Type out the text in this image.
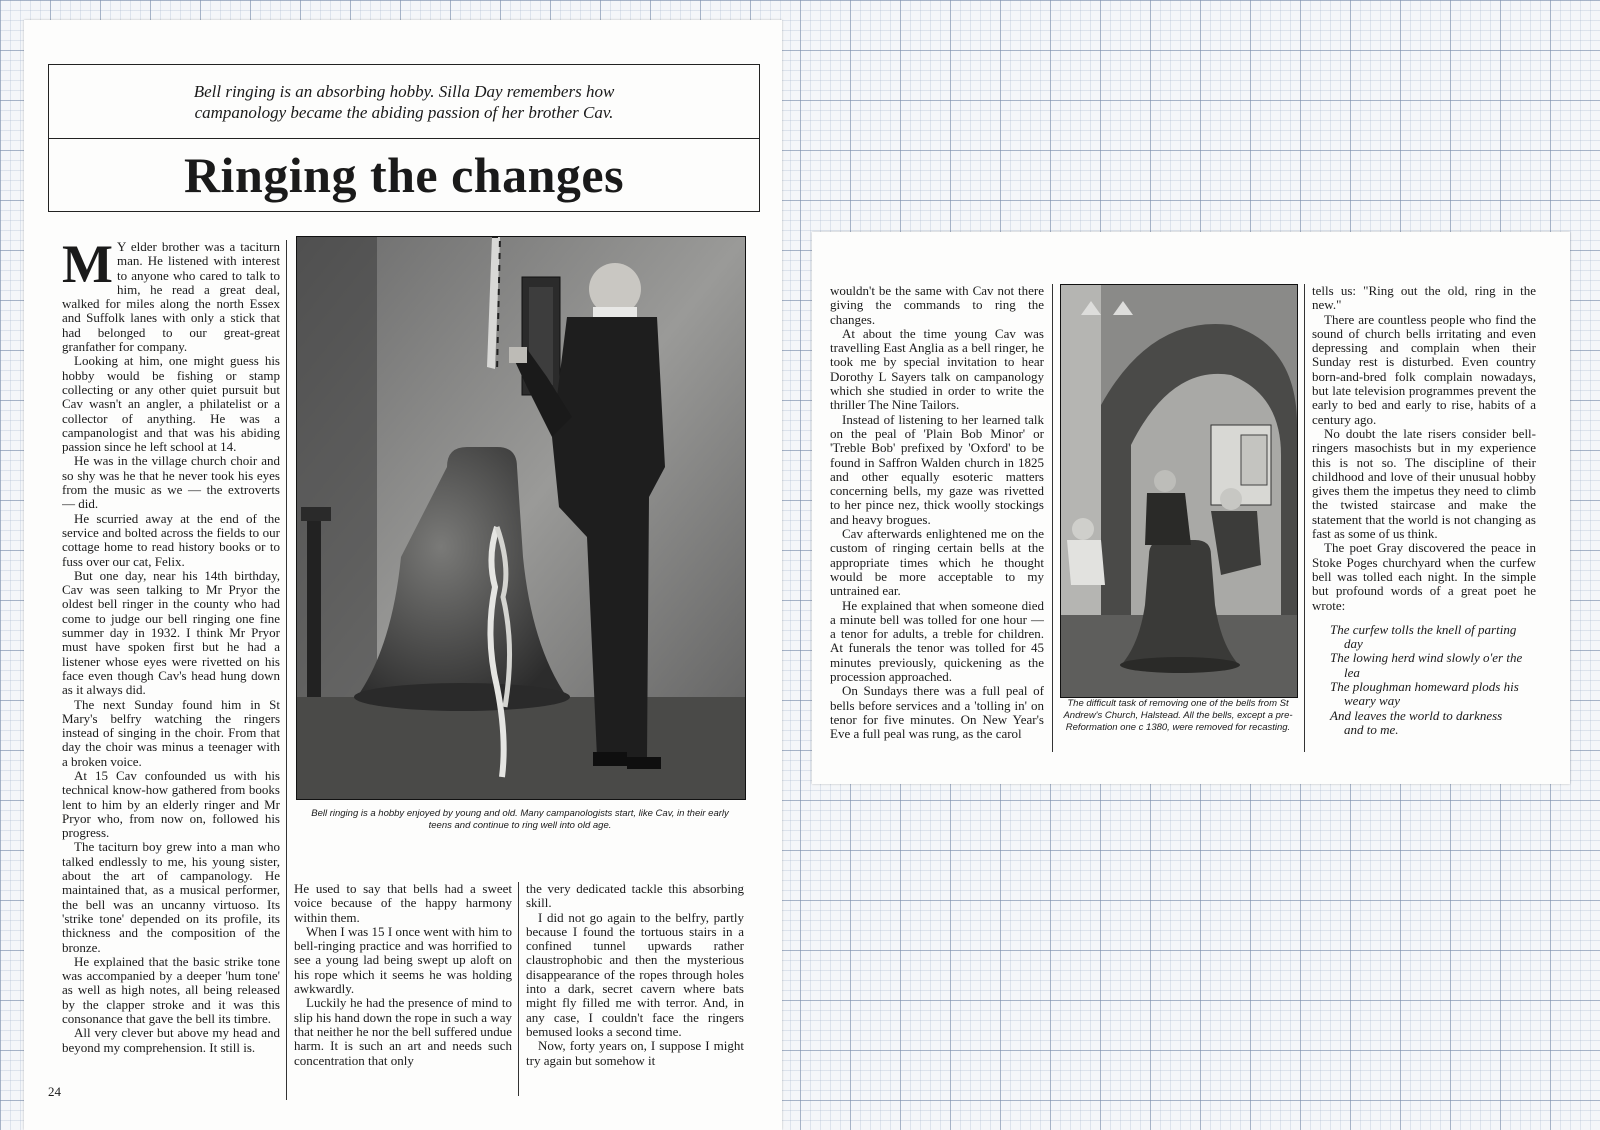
Bell ringing is an absorbing hobby. Silla Day remembers how campanology became the abiding passion of her brother Cav.
Ringing the changes

M Y elder brother was a taciturn man. He listened with interest to anyone who cared to talk to him, he read a great deal, walked for miles along the north Essex and Suffolk lanes with only a stick that had belonged to our great-great granfather for company.

Looking at him, one might guess his hobby would be fishing or stamp collecting or any other quiet pursuit but Cav wasn't an angler, a philatelist or a collector of anything. He was a campanologist and that was his abiding passion since he left school at 14.

He was in the village church choir and so shy was he that he never took his eyes from the music as we — the extroverts — did.

He scurried away at the end of the service and bolted across the fields to our cottage home to read history books or to fuss over our cat, Felix.

But one day, near his 14th birthday, Cav was seen talking to Mr Pryor the oldest bell ringer in the county who had come to judge our bell ringing one fine summer day in 1932. I think Mr Pryor must have spoken first but he had a listener whose eyes were rivetted on his face even though Cav's head hung down as it always did.

The next Sunday found him in St Mary's belfry watching the ringers instead of singing in the choir. From that day the choir was minus a teenager with a broken voice.

At 15 Cav confounded us with his technical know-how gathered from books lent to him by an elderly ringer and Mr Pryor who, from now on, followed his progress.

The taciturn boy grew into a man who talked endlessly to me, his young sister, about the art of campanology. He maintained that, as a musical performer, the bell was an uncanny virtuoso. Its 'strike tone' depended on its profile, its thickness and the composition of the bronze.

He explained that the basic strike tone was accompanied by a deeper 'hum tone' as well as high notes, all being released by the clapper stroke and it was this consonance that gave the bell its timbre.

All very clever but above my head and beyond my comprehension. It still is.

Bell ringing is a hobby enjoyed by young and old. Many campanologists start, like Cav, in their early teens and continue to ring well into old age.

He used to say that bells had a sweet voice because of the happy harmony within them.

When I was 15 I once went with him to bell-ringing practice and was horrified to see a young lad being swept up aloft on his rope which it seems he was holding awkwardly.

Luckily he had the presence of mind to slip his hand down the rope in such a way that neither he nor the bell suffered undue harm. It is such an art and needs such concentration that only

the very dedicated tackle this absorbing skill.

I did not go again to the belfry, partly because I found the tortuous stairs in a confined tunnel upwards rather claustrophobic and then the mysterious disappearance of the ropes through holes into a dark, secret cavern where bats might fly filled me with terror. And, in any case, I couldn't face the ringers bemused looks a second time.

Now, forty years on, I suppose I might try again but somehow it

24

wouldn't be the same with Cav not there giving the commands to ring the changes.

At about the time young Cav was travelling East Anglia as a bell ringer, he took me by special invitation to hear Dorothy L Sayers talk on campanology which she studied in order to write the thriller The Nine Tailors.

Instead of listening to her learned talk on the peal of 'Plain Bob Minor' or 'Treble Bob' prefixed by 'Oxford' to be found in Saffron Walden church in 1825 and other equally esoteric matters concerning bells, my gaze was rivetted to her pince nez, thick woolly stockings and heavy brogues.

Cav afterwards enlightened me on the custom of ringing certain bells at the appropriate times which he thought would be more acceptable to my untrained ear.

He explained that when someone died a minute bell was tolled for one hour — a tenor for adults, a treble for children. At funerals the tenor was tolled for 45 minutes previously, quickening as the procession approached.

On Sundays there was a full peal of bells before services and a 'tolling in' on tenor for five minutes. On New Year's Eve a full peal was rung, as the carol

The difficult task of removing one of the bells from St Andrew's Church, Halstead. All the bells, except a pre-Reformation one c 1380, were removed for recasting.

tells us: "Ring out the old, ring in the new."

There are countless people who find the sound of church bells irritating and even depressing and complain when their Sunday rest is disturbed. Even country born-and-bred folk complain nowadays, but late television programmes prevent the early to bed and early to rise, habits of a century ago.

No doubt the late risers consider bell-ringers masochists but in my experience this is not so. The discipline of their childhood and love of their unusual hobby gives them the impetus they need to climb the twisted staircase and make the statement that the world is not changing as fast as some of us think.

The poet Gray discovered the peace in Stoke Poges churchyard when the curfew bell was tolled each night. In the simple but profound words of a great poet he wrote:

The curfew tolls the knell of parting
day
The lowing herd wind slowly o'er the
lea
The ploughman homeward plods his
weary way
And leaves the world to darkness
and to me.
